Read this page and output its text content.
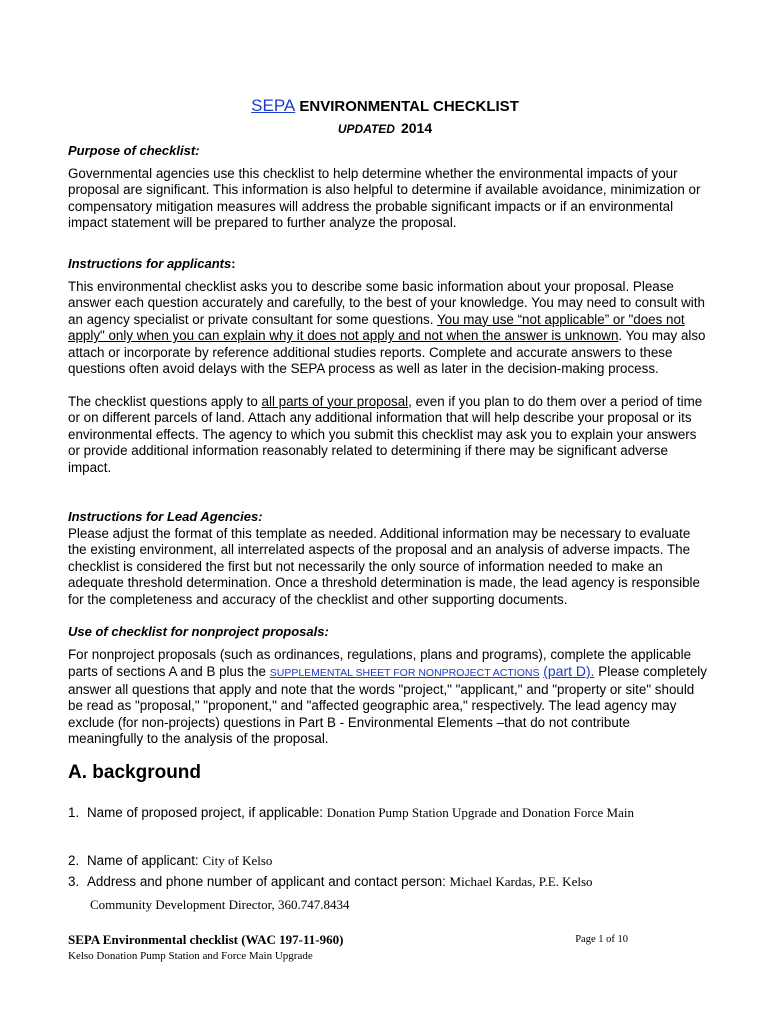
SEPA ENVIRONMENTAL CHECKLIST
UPDATED 2014

Purpose of checklist:

Governmental agencies use this checklist to help determine whether the environmental impacts of your proposal are significant. This information is also helpful to determine if available avoidance, minimization or compensatory mitigation measures will address the probable significant impacts or if an environmental impact statement will be prepared to further analyze the proposal.

Instructions for applicants:

This environmental checklist asks you to describe some basic information about your proposal. Please answer each question accurately and carefully, to the best of your knowledge. You may need to consult with an agency specialist or private consultant for some questions. You may use “not applicable” or "does not apply" only when you can explain why it does not apply and not when the answer is unknown. You may also attach or incorporate by reference additional studies reports. Complete and accurate answers to these questions often avoid delays with the SEPA process as well as later in the decision-making process.

The checklist questions apply to all parts of your proposal, even if you plan to do them over a period of time or on different parcels of land. Attach any additional information that will help describe your proposal or its environmental effects. The agency to which you submit this checklist may ask you to explain your answers or provide additional information reasonably related to determining if there may be significant adverse impact.

Instructions for Lead Agencies:

Please adjust the format of this template as needed. Additional information may be necessary to evaluate the existing environment, all interrelated aspects of the proposal and an analysis of adverse impacts. The checklist is considered the first but not necessarily the only source of information needed to make an adequate threshold determination. Once a threshold determination is made, the lead agency is responsible for the completeness and accuracy of the checklist and other supporting documents.

Use of checklist for nonproject proposals:

For nonproject proposals (such as ordinances, regulations, plans and programs), complete the applicable parts of sections A and B plus the SUPPLEMENTAL SHEET FOR NONPROJECT ACTIONS (part D). Please completely answer all questions that apply and note that the words "project," "applicant," and "property or site" should be read as "proposal," "proponent," and "affected geographic area," respectively. The lead agency may exclude (for non-projects) questions in Part B - Environmental Elements –that do not contribute meaningfully to the analysis of the proposal.

A. background
1. Name of proposed project, if applicable: Donation Pump Station Upgrade and Donation Force Main
2. Name of applicant: City of Kelso
3. Address and phone number of applicant and contact person: Michael Kardas, P.E. Kelso
Community Development Director, 360.747.8434
SEPA Environmental checklist (WAC 197-11-960)
Kelso Donation Pump Station and Force Main Upgrade
Page 1 of 10
